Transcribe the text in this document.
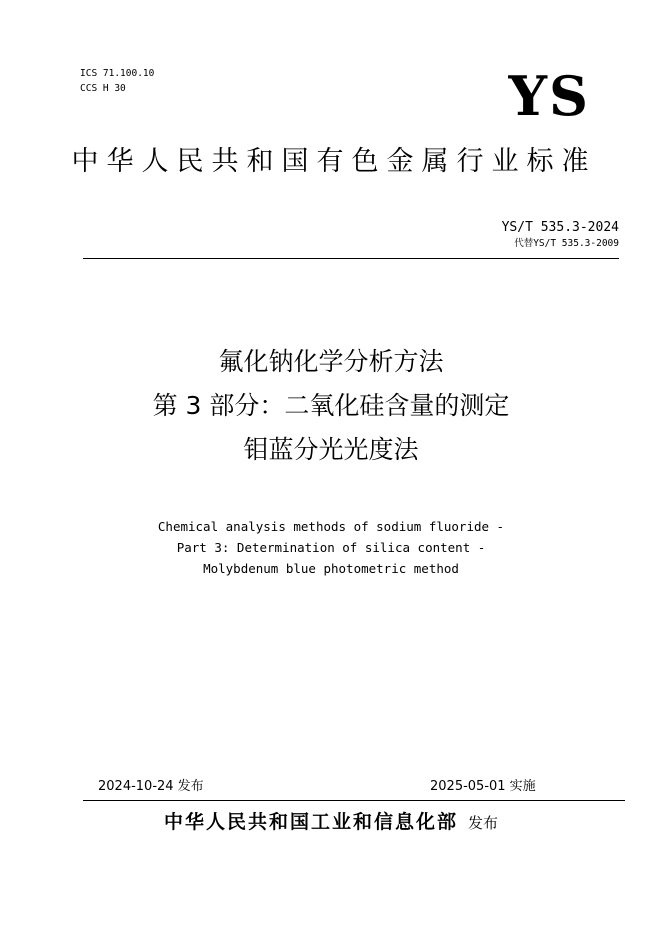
ICS 71.100.10
CCS H 30	YS
中华人民共和国有色金属行业标准
YS/T 535.3-2024
代替YS/T 535.3-2009
氟化钠化学分析方法
第 3 部分：二氧化硅含量的测定
钼蓝分光光度法
Chemical analysis methods of sodium fluoride -
Part 3: Determination of silica content -
Molybdenum blue photometric method
2024-10-24 发布	2025-05-01 实施
中华人民共和国工业和信息化部 发布
